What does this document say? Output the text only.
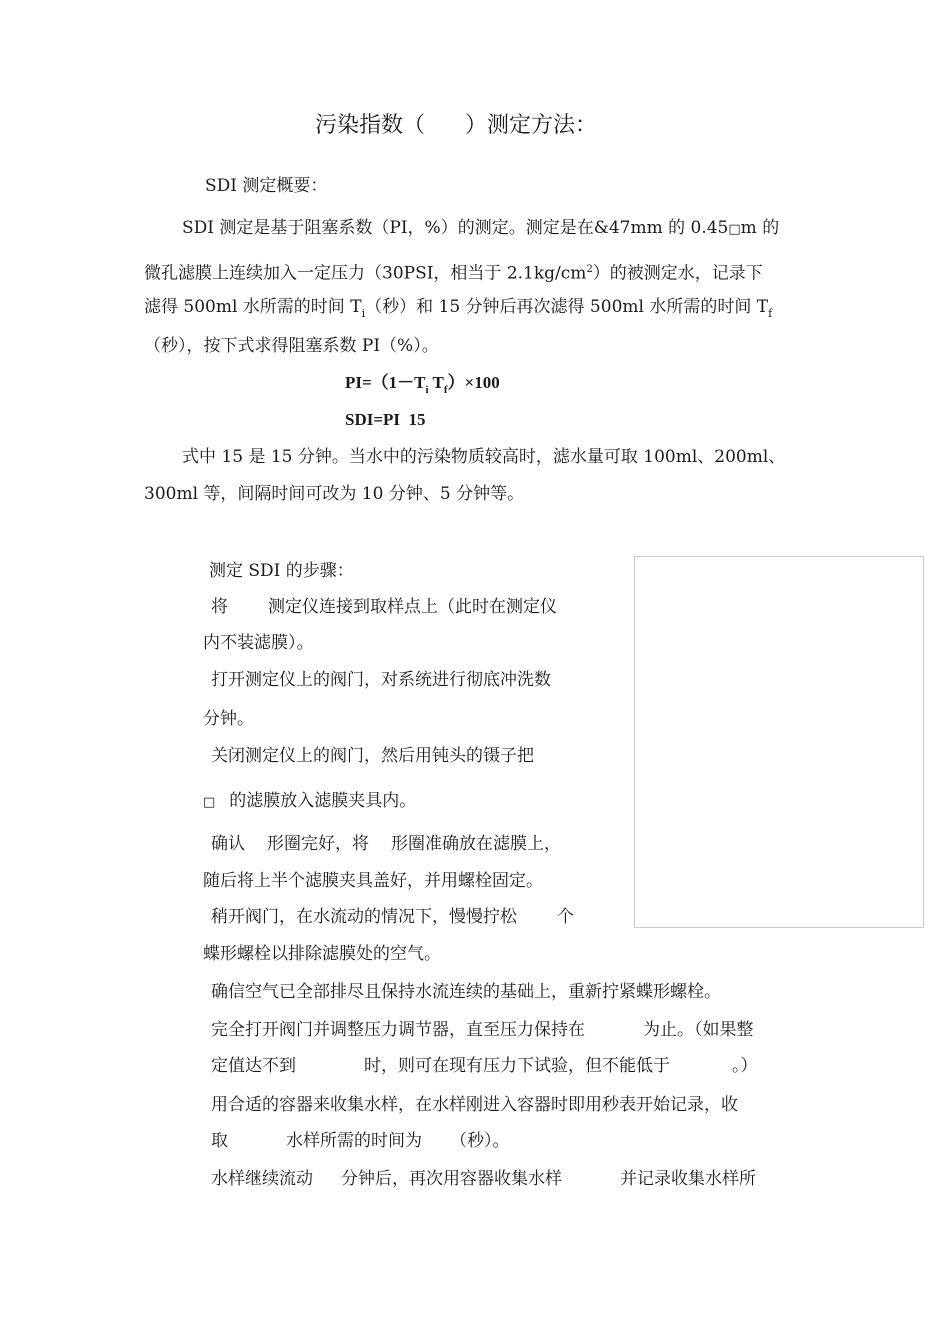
污染指数（ ）测定方法：
SDI 测定概要：
SDI 测定是基于阻塞系数（PI，%）的测定。测定是在&47mm 的 0.45□m 的
微孔滤膜上连续加入一定压力（30PSI，相当于 $2.1kg/cm^2$）的被测定水，记录下
滤得 500ml 水所需的时间 $T_i$（秒）和 15 分钟后再次滤得 500ml 水所需的时间 $T_f$
（秒），按下式求得阻塞系数 PI（%）。
$PI=(1-T_i$ $T_f)\times 100$
SDI=PI  15
式中 15 是 15 分钟。当水中的污染物质较高时，滤水量可取 100ml、200ml、
300ml 等，间隔时间可改为 10 分钟、5 分钟等。
测定 SDI 的步骤：
将 测定仪连接到取样点上（此时在测定仪
内不装滤膜）。
打开测定仪上的阀门，对系统进行彻底冲洗数
分钟。
关闭测定仪上的阀门，然后用钝头的镊子把
□ 的滤膜放入滤膜夹具内。
确认 形圈完好，将 形圈准确放在滤膜上，
随后将上半个滤膜夹具盖好，并用螺栓固定。
稍开阀门，在水流动的情况下，慢慢拧松 个
蝶形螺栓以排除滤膜处的空气。
确信空气已全部排尽且保持水流连续的基础上，重新拧紧蝶形螺栓。
完全打开阀门并调整压力调节器，直至压力保持在	为止。（如果整
定值达不到	时，则可在现有压力下试验，但不能低于	。）
用合适的容器来收集水样，在水样刚进入容器时即用秒表开始记录，收
取	水样所需的时间为 （秒）。
水样继续流动 分钟后，再次用容器收集水样	并记录收集水样所
